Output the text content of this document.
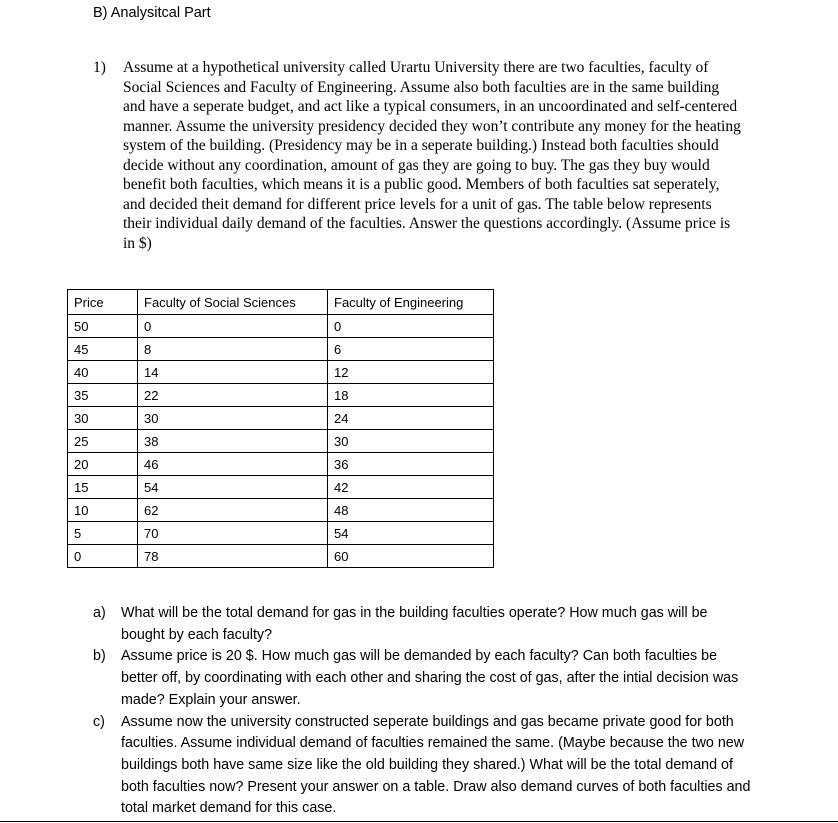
B) Analysitcal Part
1) Assume at a hypothetical university called Urartu University there are two faculties, faculty of Social Sciences and Faculty of Engineering. Assume also both faculties are in the same building and have a seperate budget, and act like a typical consumers, in an uncoordinated and self-centered manner. Assume the university presidency decided they won’t contribute any money for the heating system of the building. (Presidency may be in a seperate building.) Instead both faculties should decide without any coordination, amount of gas they are going to buy. The gas they buy would benefit both faculties, which means it is a public good. Members of both faculties sat seperately, and decided theit demand for different price levels for a unit of gas. The table below represents their individual daily demand of the faculties. Answer the questions accordingly. (Assume price is in $)
Price	Faculty of Social Sciences	Faculty of Engineering
50	0	0
45	8	6
40	14	12
35	22	18
30	30	24
25	38	30
20	46	36
15	54	42
10	62	48
5	70	54
0	78	60
a) What will be the total demand for gas in the building faculties operate? How much gas will be bought by each faculty?
b) Assume price is 20 $. How much gas will be demanded by each faculty? Can both faculties be better off, by coordinating with each other and sharing the cost of gas, after the intial decision was made? Explain your answer.
c) Assume now the university constructed seperate buildings and gas became private good for both faculties. Assume individual demand of faculties remained the same. (Maybe because the two new buildings both have same size like the old building they shared.) What will be the total demand of both faculties now? Present your answer on a table. Draw also demand curves of both faculties and total market demand for this case.
